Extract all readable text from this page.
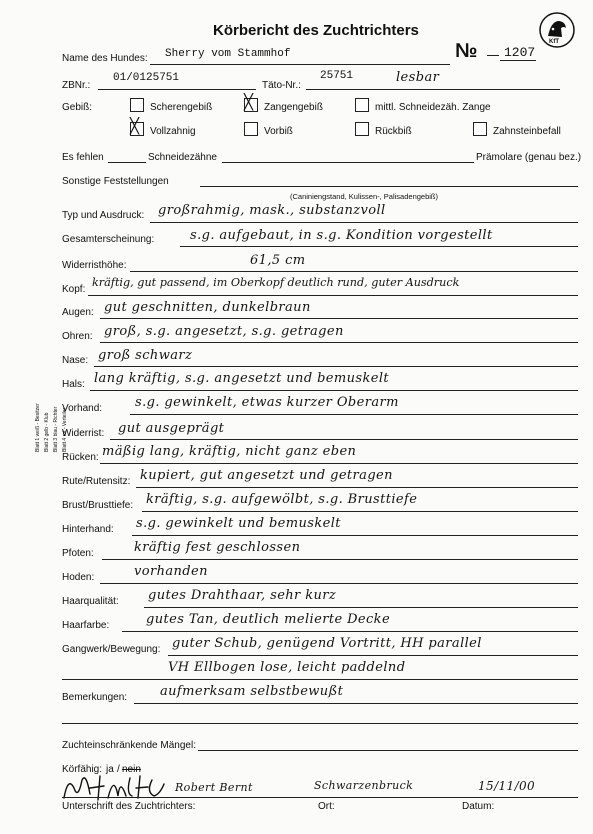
Körbericht des Zuchtrichters
№ 1207
KfT
Name des Hundes: Sherry vom Stammhof
ZBNr.:
01/0125751
Täto-Nr.:
25751	lesbar
Gebiß:	Scherengebiß ╳ Zangengebiß	mittl. Schneidezäh. Zange
╳ Vollzahnig	Vorbiß	Rückbiß	Zahnsteinbefall
Es fehlen	Schneidezähne	Prämolare (genau bez.)
Sonstige Feststellungen
(Caniniengstand, Kulissen-, Palisadengebiß)
Typ und Ausdruck: großrahmig, mask., substanzvoll
Gesamterscheinung:	s.g. aufgebaut, in s.g. Kondition vorgestellt
Widerristhöhe:	61,5 cm
Kopf:
kräftig, gut passend, im Oberkopf deutlich rund, guter Ausdruck
Augen: gut geschnitten, dunkelbraun
Ohren: groß, s.g. angesetzt, s.g. getragen
Nase: groß schwarz
Hals: lang kräftig, s.g. angesetzt und bemuskelt
Vorhand:	s.g. gewinkelt, etwas kurzer Oberarm
Widerrist: gut ausgeprägt
Rücken: mäßig lang, kräftig, nicht ganz eben
Rute/Rutensitz: kupiert, gut angesetzt und getragen
Brust/Brusttiefe: kräftig, s.g. aufgewölbt, s.g. Brusttiefe
Hinterhand: s.g. gewinkelt und bemuskelt
Pfoten:	kräftig fest geschlossen
Hoden:	vorhanden
Haarqualität: gutes Drahthaar, sehr kurz
Haarfarbe:	gutes Tan, deutlich melierte Decke
Gangwerk/Bewegung: guter Schub, genügend Vortritt, HH parallel
VH Ellbogen lose, leicht paddelnd
Bemerkungen:	aufmerksam selbstbewußt
Zuchteinschränkende Mängel:
Körfähig: ja / nein
Robert Bernt	Schwarzenbruck	15/11/00
Unterschrift des Zuchtrichters:	Ort:	Datum:
Blatt 1 weiß - Besitzer Blatt 2 gelb - Klub Blatt 3 blau - Richter Blatt 4 rot - Verteiler
